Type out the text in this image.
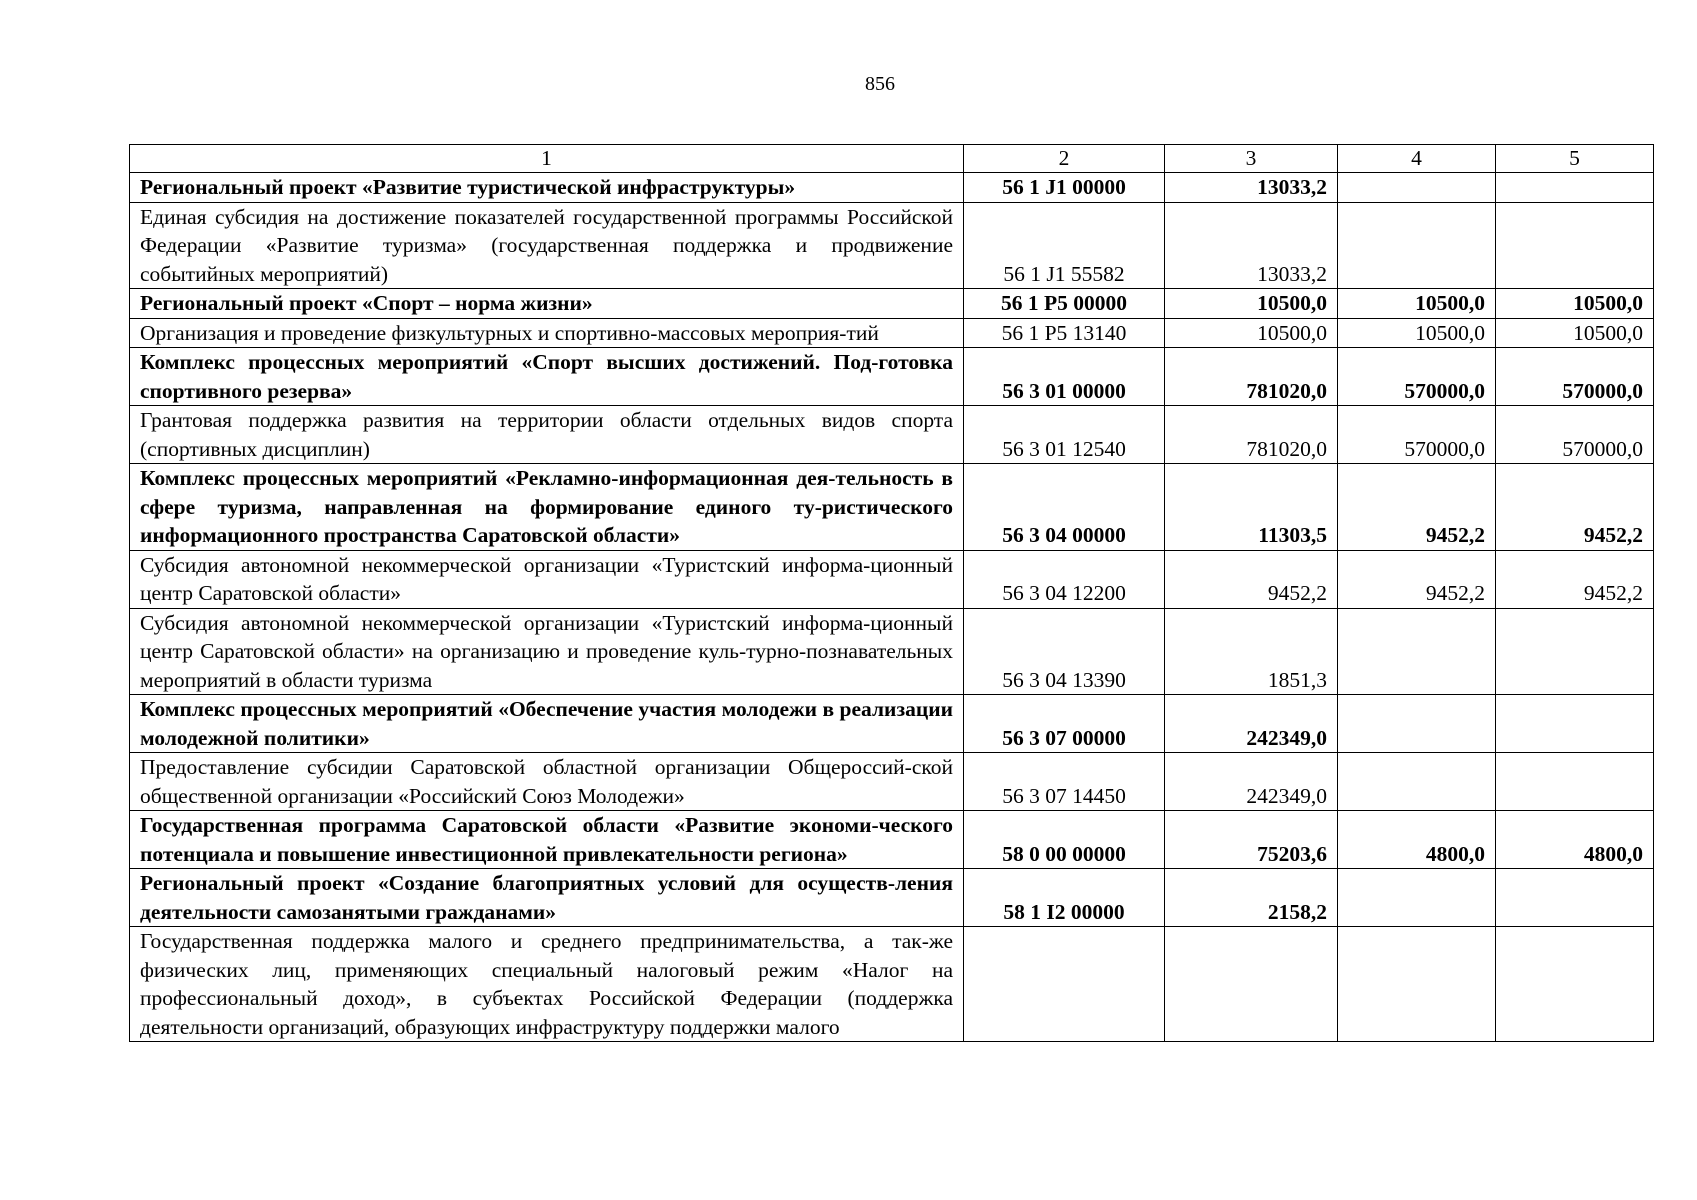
856
1	2	3	4	5
Региональный проект «Развитие туристической инфраструктуры»	56 1 J1 00000	13033,2		
Единая субсидия на достижение показателей государственной программы Российской Федерации «Развитие туризма» (государственная поддержка и продвижение событийных мероприятий)	56 1 J1 55582	13033,2		
Региональный проект «Спорт – норма жизни»	56 1 P5 00000	10500,0	10500,0	10500,0
Организация и проведение физкультурных и спортивно-массовых мероприя-тий	56 1 P5 13140	10500,0	10500,0	10500,0
Комплекс процессных мероприятий «Спорт высших достижений. Под-готовка спортивного резерва»	56 3 01 00000	781020,0	570000,0	570000,0
Грантовая поддержка развития на территории области отдельных видов спорта (спортивных дисциплин)	56 3 01 12540	781020,0	570000,0	570000,0
Комплекс процессных мероприятий «Рекламно-информационная дея-тельность в сфере туризма, направленная на формирование единого ту-ристического информационного пространства Саратовской области»	56 3 04 00000	11303,5	9452,2	9452,2
Субсидия автономной некоммерческой организации «Туристский информа-ционный центр Саратовской области»	56 3 04 12200	9452,2	9452,2	9452,2
Субсидия автономной некоммерческой организации «Туристский информа-ционный центр Саратовской области» на организацию и проведение куль-турно-познавательных мероприятий в области туризма	56 3 04 13390	1851,3		
Комплекс процессных мероприятий «Обеспечение участия молодежи в реализации молодежной политики»	56 3 07 00000	242349,0		
Предоставление субсидии Саратовской областной организации Общероссий-ской общественной организации «Российский Союз Молодежи»	56 3 07 14450	242349,0		
Государственная программа Саратовской области «Развитие экономи-ческого потенциала и повышение инвестиционной привлекательности региона»	58 0 00 00000	75203,6	4800,0	4800,0
Региональный проект «Создание благоприятных условий для осуществ-ления деятельности самозанятыми гражданами»	58 1 I2 00000	2158,2		
Государственная поддержка малого и среднего предпринимательства, а так-же физических лиц, применяющих специальный налоговый режим «Налог на профессиональный доход», в субъектах Российской Федерации (поддержка деятельности организаций, образующих инфраструктуру поддержки малого				
